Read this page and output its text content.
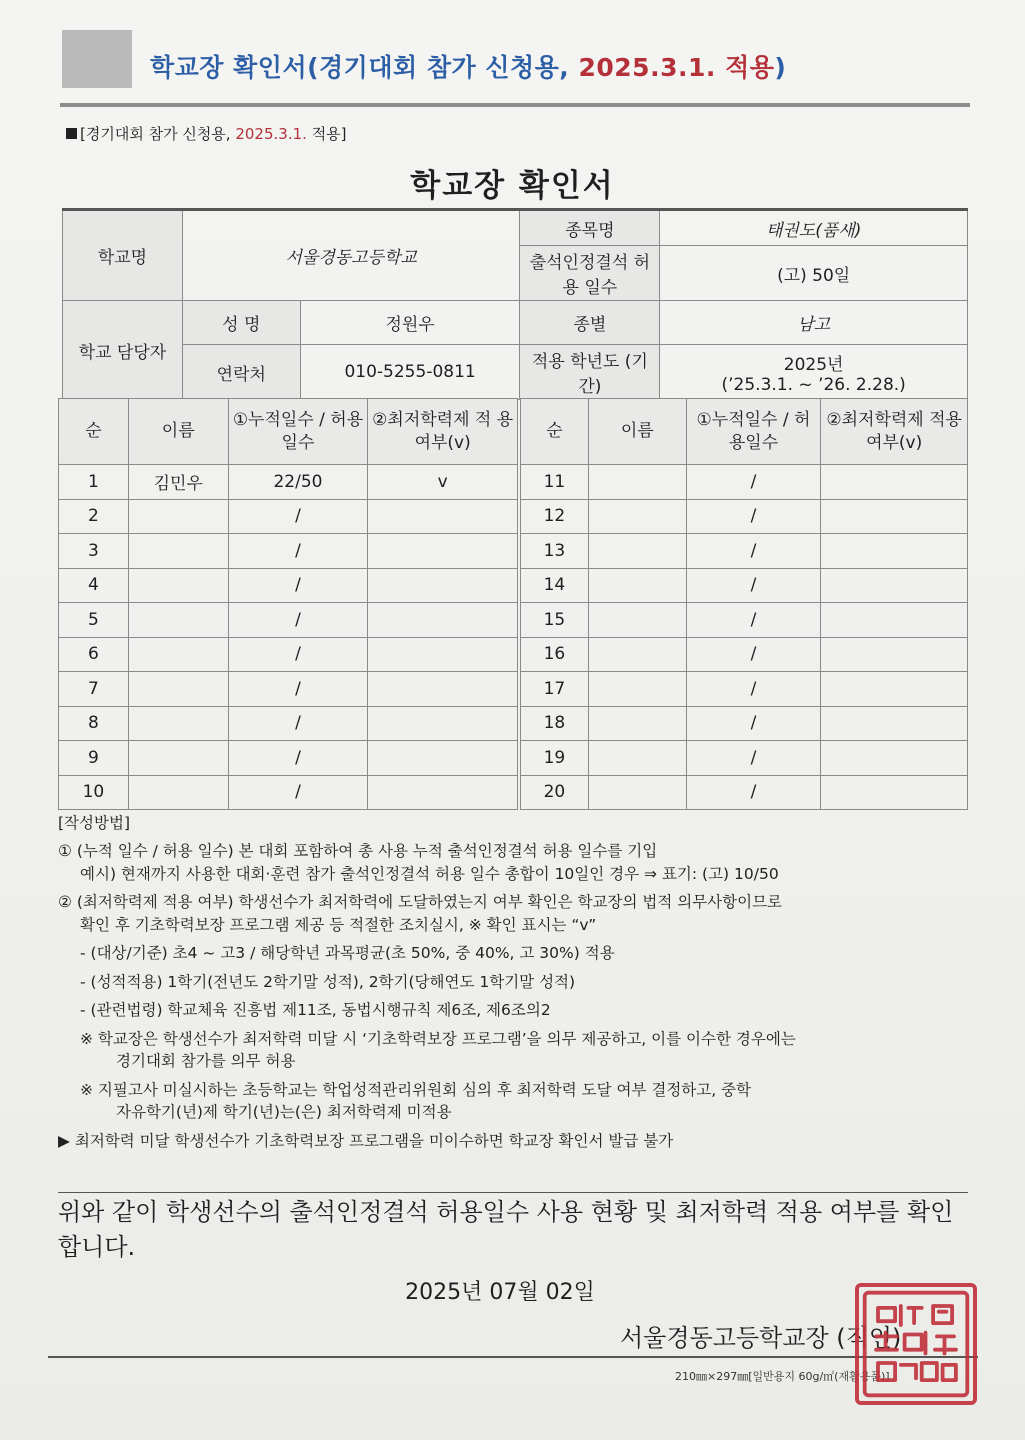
학교장 확인서(경기대회 참가 신청용, 2025.3.1. 적용)
[경기대회 참가 신청용, 2025.3.1. 적용]
학교장 확인서
학교명	서울경동고등학교		종목명	태권도(품새)
			출석인정결석 허용 일수	(고) 50일
학교 담당자	성 명	정원우	종별	남고
	연락처	010-5255-0811	적용 학년도 (기간)	2025년
(’25.3.1. ~ ’26. 2.28.)
순	이름	①누적일수 / 허용일수	②최저학력제 적 용여부(v)
1	김민우	22/50	v
2		/	
3		/	
4		/	
5		/	
6		/	
7		/	
8		/	
9		/	
10		/	
순	이름	①누적일수 / 허용일수	②최저학력제 적용여부(v)
11		/	
12		/	
13		/	
14		/	
15		/	
16		/	
17		/	
18		/	
19		/	
20		/	

[작성방법]

① (누적 일수 / 허용 일수) 본 대회 포함하여 총 사용 누적 출석인정결석 허용 일수를 기입
예시) 현재까지 사용한 대회·훈련 참가 출석인정결석 허용 일수 총합이 10일인 경우 ⇒ 표기: (고) 10/50

② (최저학력제 적용 여부) 학생선수가 최저학력에 도달하였는지 여부 확인은 학교장의 법적 의무사항이므로
확인 후 기초학력보장 프로그램 제공 등 적절한 조치실시, ※ 확인 표시는 “v”

- (대상/기준) 초4 ~ 고3 / 해당학년 과목평균(초 50%, 중 40%, 고 30%) 적용

- (성적적용) 1학기(전년도 2학기말 성적), 2학기(당해연도 1학기말 성적)

- (관련법령) 학교체육 진흥법 제11조, 동법시행규칙 제6조, 제6조의2

※ 학교장은 학생선수가 최저학력 미달 시 ‘기초학력보장 프로그램’을 의무 제공하고, 이를 이수한 경우에는
경기대회 참가를 의무 허용

※ 지필고사 미실시하는 초등학교는 학업성적관리위원회 심의 후 최저학력 도달 여부 결정하고, 중학
자유학기(년)제 학기(년)는(은) 최저학력제 미적용

▶ 최저학력 미달 학생선수가 기초학력보장 프로그램을 미이수하면 학교장 확인서 발급 불가

위와 같이 학생선수의 출석인정결석 허용일수 사용 현황 및 최저학력 적용 여부를 확인합니다.
2025년 07월 02일
서울경동고등학교장 (직인)
210㎜×297㎜[일반용지 60g/㎡(재활용품)]
